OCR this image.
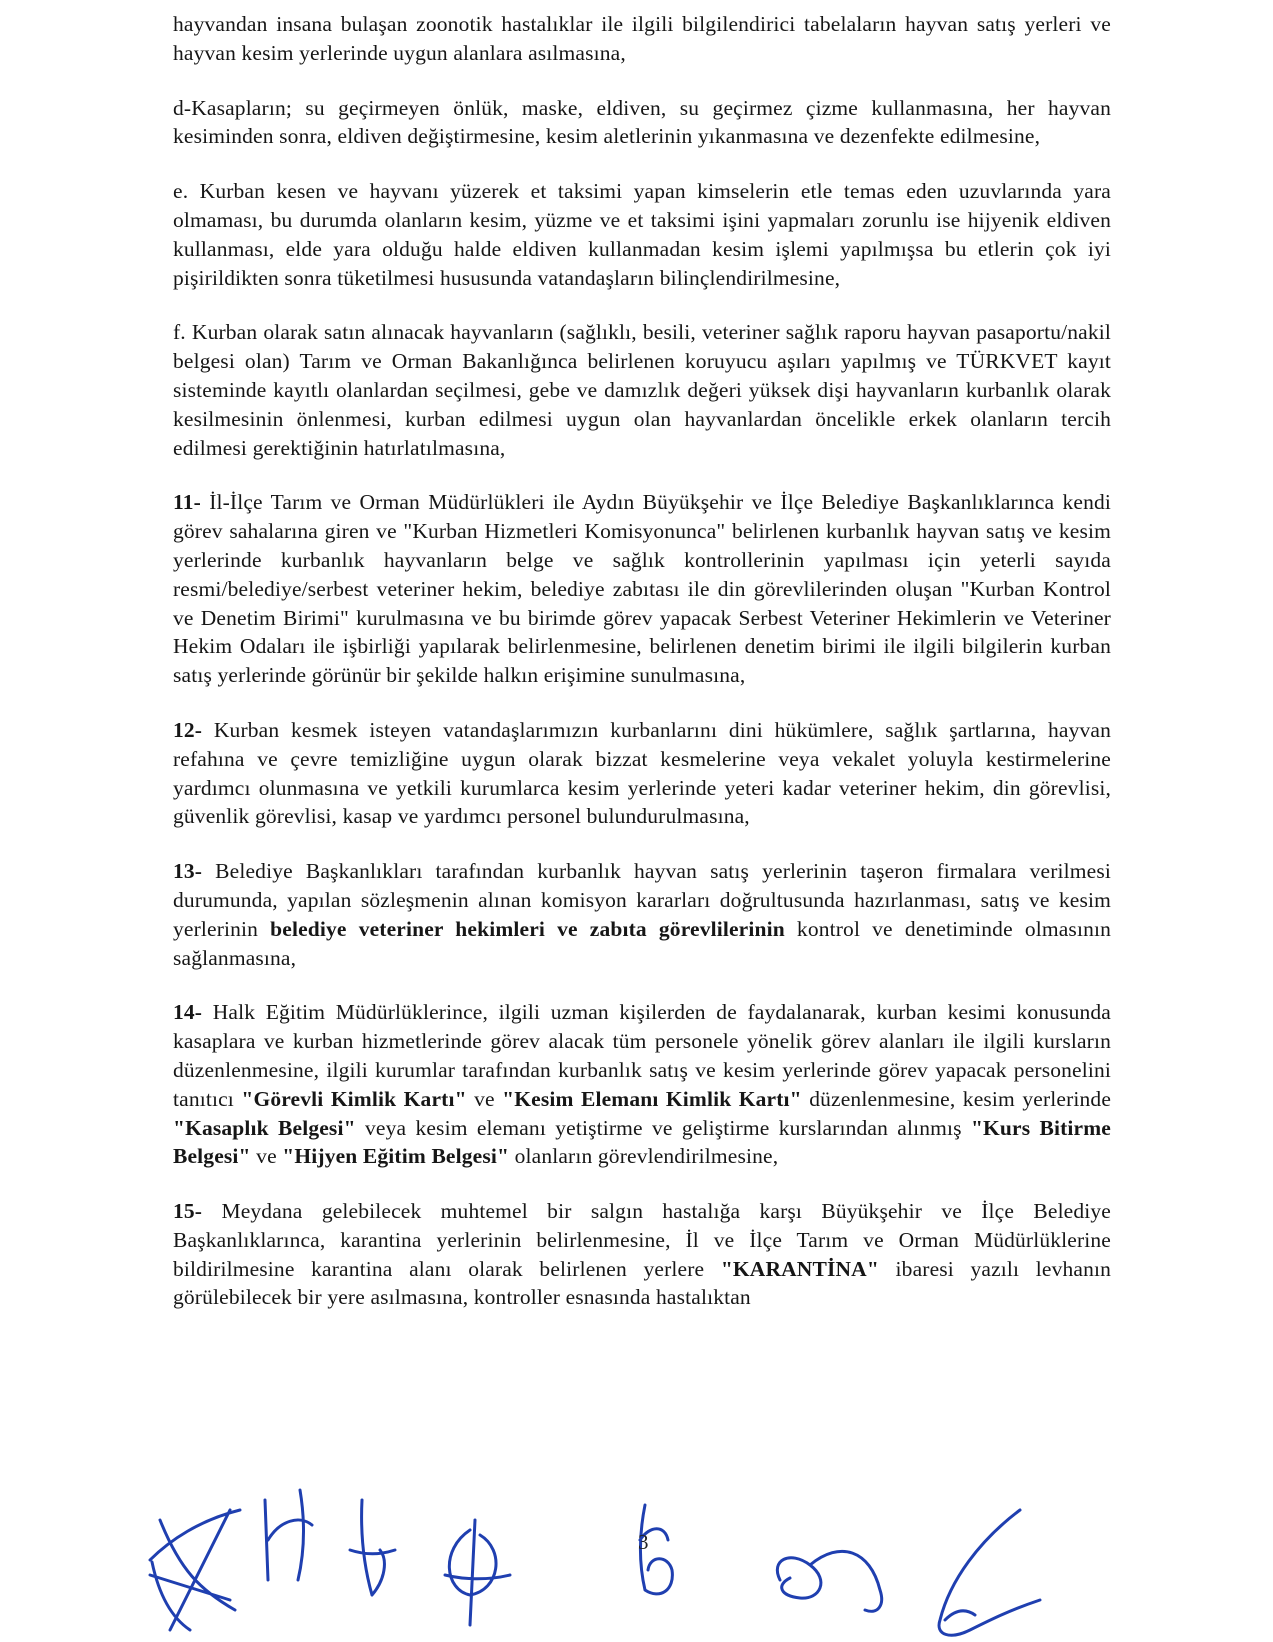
hayvandan insana bulaşan zoonotik hastalıklar ile ilgili bilgilendirici tabelaların hayvan satış yerleri ve hayvan kesim yerlerinde uygun alanlara asılmasına,

d-Kasapların; su geçirmeyen önlük, maske, eldiven, su geçirmez çizme kullanmasına, her hayvan kesiminden sonra, eldiven değiştirmesine, kesim aletlerinin yıkanmasına ve dezenfekte edilmesine,

e. Kurban kesen ve hayvanı yüzerek et taksimi yapan kimselerin etle temas eden uzuvlarında yara olmaması, bu durumda olanların kesim, yüzme ve et taksimi işini yapmaları zorunlu ise hijyenik eldiven kullanması, elde yara olduğu halde eldiven kullanmadan kesim işlemi yapılmışsa bu etlerin çok iyi pişirildikten sonra tüketilmesi hususunda vatandaşların bilinçlendirilmesine,

f. Kurban olarak satın alınacak hayvanların (sağlıklı, besili, veteriner sağlık raporu hayvan pasaportu/nakil belgesi olan) Tarım ve Orman Bakanlığınca belirlenen koruyucu aşıları yapılmış ve TÜRKVET kayıt sisteminde kayıtlı olanlardan seçilmesi, gebe ve damızlık değeri yüksek dişi hayvanların kurbanlık olarak kesilmesinin önlenmesi, kurban edilmesi uygun olan hayvanlardan öncelikle erkek olanların tercih edilmesi gerektiğinin hatırlatılmasına,

11- İl-İlçe Tarım ve Orman Müdürlükleri ile Aydın Büyükşehir ve İlçe Belediye Başkanlıklarınca kendi görev sahalarına giren ve "Kurban Hizmetleri Komisyonunca" belirlenen kurbanlık hayvan satış ve kesim yerlerinde kurbanlık hayvanların belge ve sağlık kontrollerinin yapılması için yeterli sayıda resmi/belediye/serbest veteriner hekim, belediye zabıtası ile din görevlilerinden oluşan "Kurban Kontrol ve Denetim Birimi" kurulmasına ve bu birimde görev yapacak Serbest Veteriner Hekimlerin ve Veteriner Hekim Odaları ile işbirliği yapılarak belirlenmesine, belirlenen denetim birimi ile ilgili bilgilerin kurban satış yerlerinde görünür bir şekilde halkın erişimine sunulmasına,

12- Kurban kesmek isteyen vatandaşlarımızın kurbanlarını dini hükümlere, sağlık şartlarına, hayvan refahına ve çevre temizliğine uygun olarak bizzat kesmelerine veya vekalet yoluyla kestirmelerine yardımcı olunmasına ve yetkili kurumlarca kesim yerlerinde yeteri kadar veteriner hekim, din görevlisi, güvenlik görevlisi, kasap ve yardımcı personel bulundurulmasına,

13- Belediye Başkanlıkları tarafından kurbanlık hayvan satış yerlerinin taşeron firmalara verilmesi durumunda, yapılan sözleşmenin alınan komisyon kararları doğrultusunda hazırlanması, satış ve kesim yerlerinin belediye veteriner hekimleri ve zabıta görevlilerinin kontrol ve denetiminde olmasının sağlanmasına,

14- Halk Eğitim Müdürlüklerince, ilgili uzman kişilerden de faydalanarak, kurban kesimi konusunda kasaplara ve kurban hizmetlerinde görev alacak tüm personele yönelik görev alanları ile ilgili kursların düzenlenmesine, ilgili kurumlar tarafından kurbanlık satış ve kesim yerlerinde görev yapacak personelini tanıtıcı "Görevli Kimlik Kartı" ve "Kesim Elemanı Kimlik Kartı" düzenlenmesine, kesim yerlerinde "Kasaplık Belgesi" veya kesim elemanı yetiştirme ve geliştirme kurslarından alınmış "Kurs Bitirme Belgesi" ve "Hijyen Eğitim Belgesi" olanların görevlendirilmesine,

15- Meydana gelebilecek muhtemel bir salgın hastalığa karşı Büyükşehir ve İlçe Belediye Başkanlıklarınca, karantina yerlerinin belirlenmesine, İl ve İlçe Tarım ve Orman Müdürlüklerine bildirilmesine karantina alanı olarak belirlenen yerlere "KARANTİNA" ibaresi yazılı levhanın görülebilecek bir yere asılmasına, kontroller esnasında hastalıktan

3
